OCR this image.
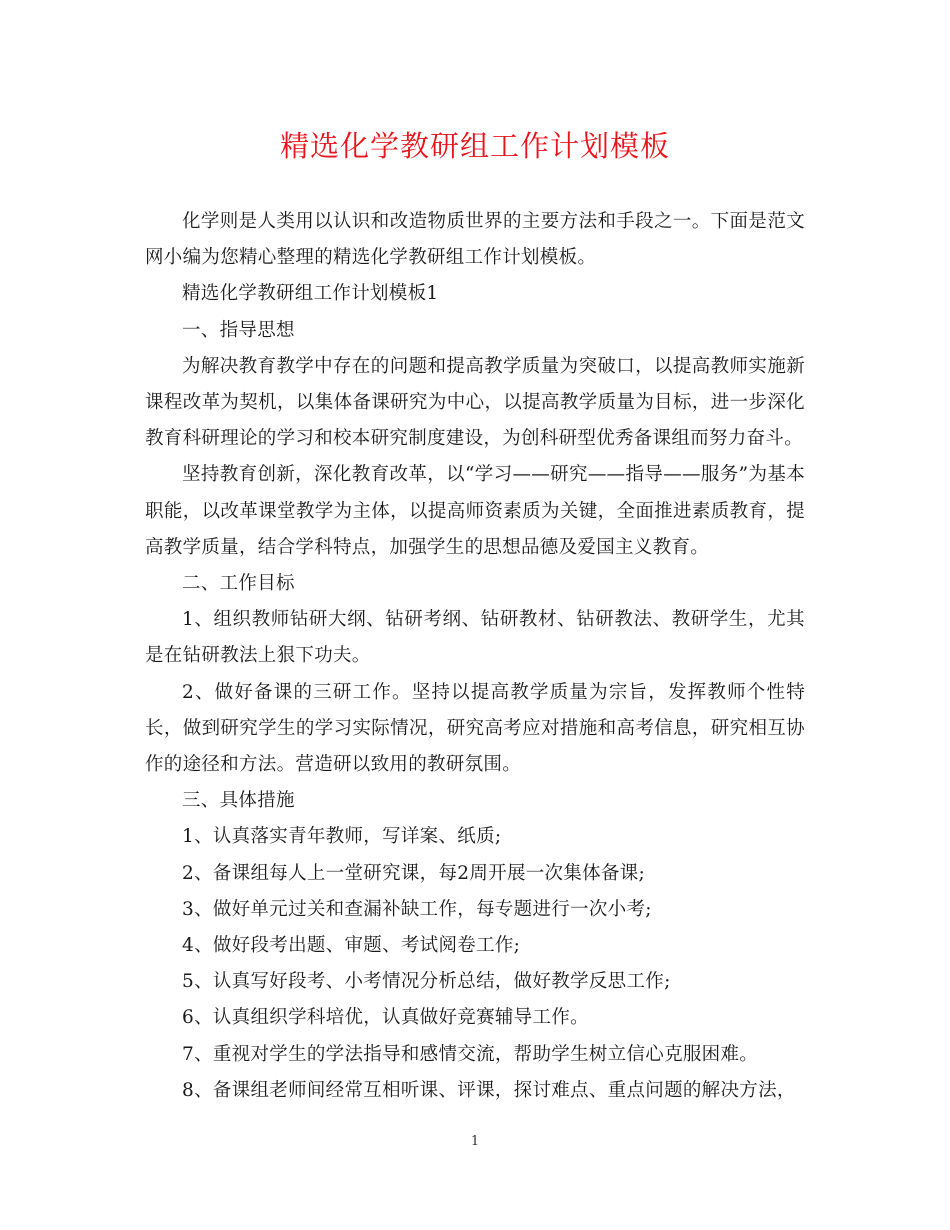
精选化学教研组工作计划模板

化学则是人类用以认识和改造物质世界的主要方法和手段之一。下面是范文网小编为您精心整理的精选化学教研组工作计划模板。

精选化学教研组工作计划模板1

一、指导思想

为解决教育教学中存在的问题和提高教学质量为突破口，以提高教师实施新课程改革为契机，以集体备课研究为中心，以提高教学质量为目标，进一步深化教育科研理论的学习和校本研究制度建设，为创科研型优秀备课组而努力奋斗。

坚持教育创新，深化教育改革，以“学习——研究——指导——服务”为基本职能，以改革课堂教学为主体，以提高师资素质为关键，全面推进素质教育，提高教学质量，结合学科特点，加强学生的思想品德及爱国主义教育。

二、工作目标

1、组织教师钻研大纲、钻研考纲、钻研教材、钻研教法、教研学生，尤其是在钻研教法上狠下功夫。

2、做好备课的三研工作。坚持以提高教学质量为宗旨，发挥教师个性特长，做到研究学生的学习实际情况，研究高考应对措施和高考信息，研究相互协作的途径和方法。营造研以致用的教研氛围。

三、具体措施

1、认真落实青年教师，写详案、纸质;

2、备课组每人上一堂研究课，每2周开展一次集体备课;

3、做好单元过关和查漏补缺工作，每专题进行一次小考;

4、做好段考出题、审题、考试阅卷工作;

5、认真写好段考、小考情况分析总结，做好教学反思工作;

6、认真组织学科培优，认真做好竞赛辅导工作。

7、重视对学生的学法指导和感情交流，帮助学生树立信心克服困难。

8、备课组老师间经常互相听课、评课，探讨难点、重点问题的解决方法，

1
